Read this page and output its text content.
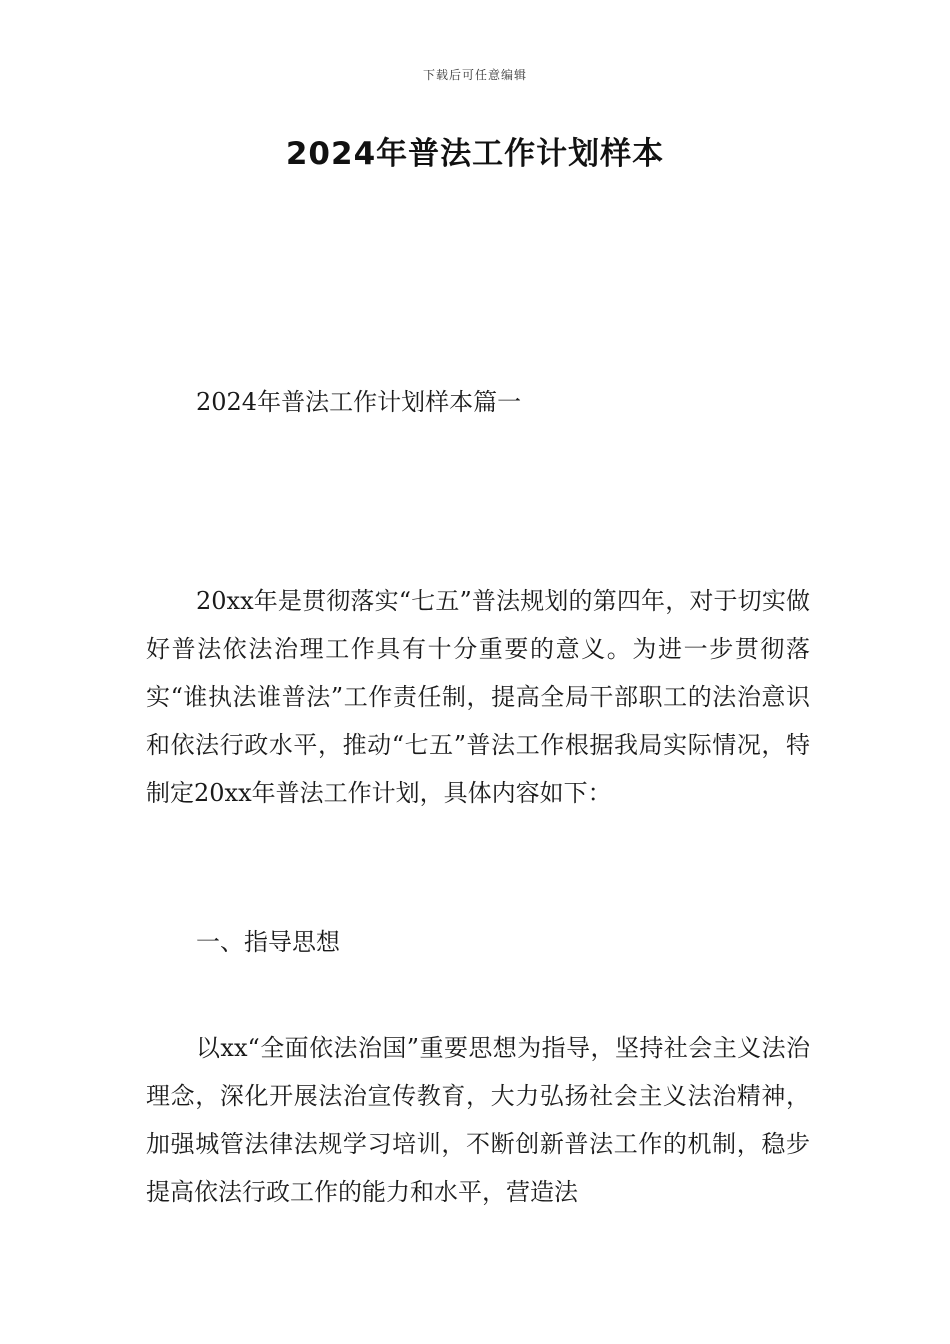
下载后可任意编辑
2024年普法工作计划样本
2024年普法工作计划样本篇一

20xx年是贯彻落实“七五”普法规划的第四年，对于切实做好普法依法治理工作具有十分重要的意义。为进一步贯彻落实“谁执法谁普法”工作责任制，提高全局干部职工的法治意识和依法行政水平，推动“七五”普法工作根据我局实际情况，特制定20xx年普法工作计划，具体内容如下：

一、指导思想

以xx“全面依法治国”重要思想为指导，坚持社会主义法治理念，深化开展法治宣传教育，大力弘扬社会主义法治精神，加强城管法律法规学习培训，不断创新普法工作的机制，稳步提高依法行政工作的能力和水平，营造法
